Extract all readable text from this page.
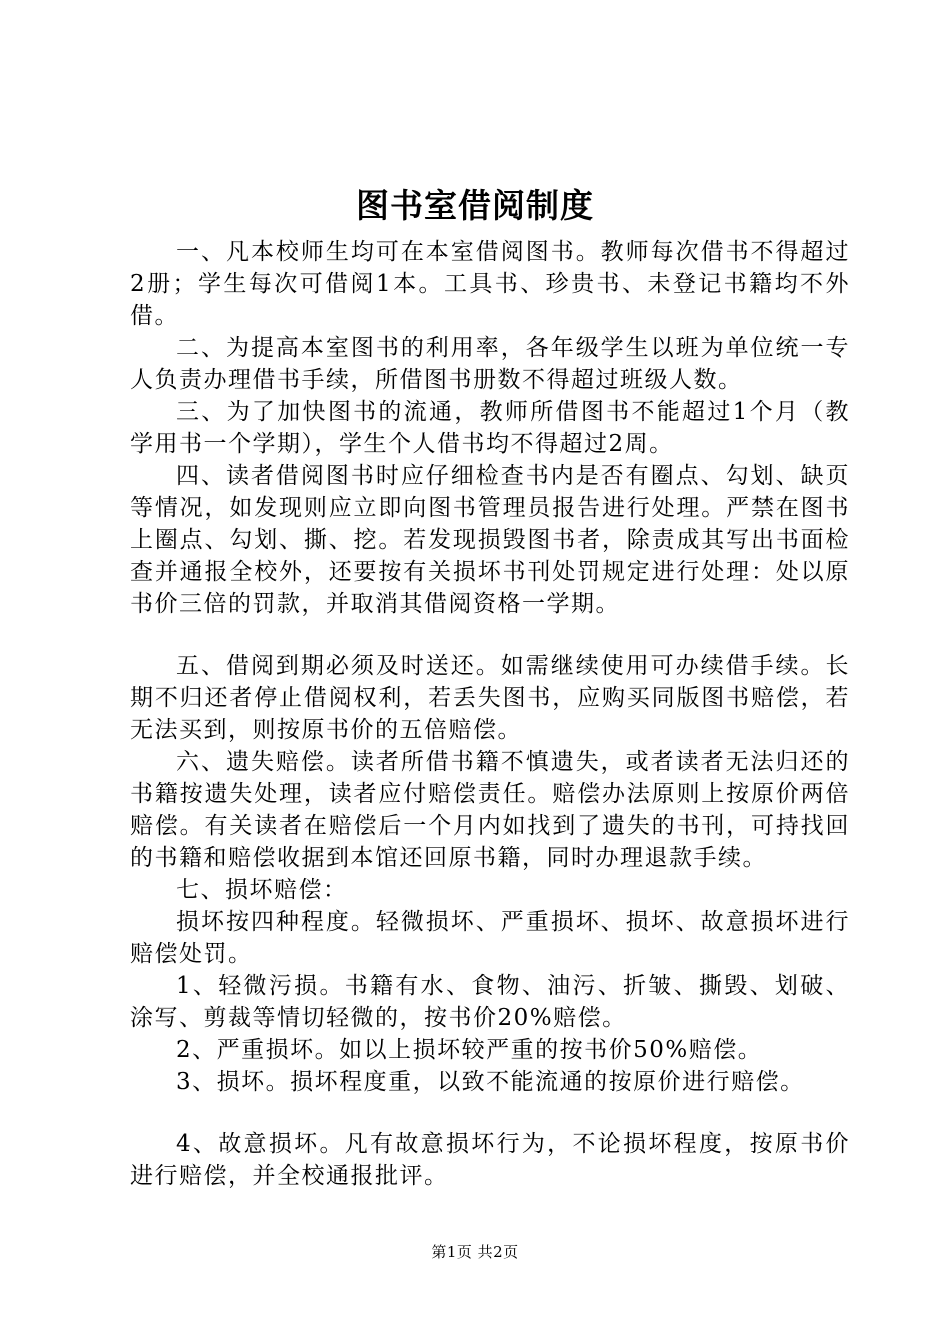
图书室借阅制度

一、凡本校师生均可在本室借阅图书。教师每次借书不得超过2册；学生每次可借阅1本。工具书、珍贵书、未登记书籍均不外借。

二、为提高本室图书的利用率，各年级学生以班为单位统一专人负责办理借书手续，所借图书册数不得超过班级人数。

三、为了加快图书的流通，教师所借图书不能超过1个月（教学用书一个学期），学生个人借书均不得超过2周。

四、读者借阅图书时应仔细检查书内是否有圈点、勾划、缺页等情况，如发现则应立即向图书管理员报告进行处理。严禁在图书上圈点、勾划、撕、挖。若发现损毁图书者，除责成其写出书面检查并通报全校外，还要按有关损坏书刊处罚规定进行处理：处以原书价三倍的罚款，并取消其借阅资格一学期。

五、借阅到期必须及时送还。如需继续使用可办续借手续。长期不归还者停止借阅权利，若丢失图书，应购买同版图书赔偿，若无法买到，则按原书价的五倍赔偿。

六、遗失赔偿。读者所借书籍不慎遗失，或者读者无法归还的书籍按遗失处理，读者应付赔偿责任。赔偿办法原则上按原价两倍赔偿。有关读者在赔偿后一个月内如找到了遗失的书刊，可持找回的书籍和赔偿收据到本馆还回原书籍，同时办理退款手续。

七、损坏赔偿：

损坏按四种程度。轻微损坏、严重损坏、损坏、故意损坏进行赔偿处罚。

1、轻微污损。书籍有水、食物、油污、折皱、撕毁、划破、涂写、剪裁等情切轻微的，按书价20%赔偿。

2、严重损坏。如以上损坏较严重的按书价50%赔偿。

3、损坏。损坏程度重，以致不能流通的按原价进行赔偿。

4、故意损坏。凡有故意损坏行为，不论损坏程度，按原书价进行赔偿，并全校通报批评。

第1页 共2页
